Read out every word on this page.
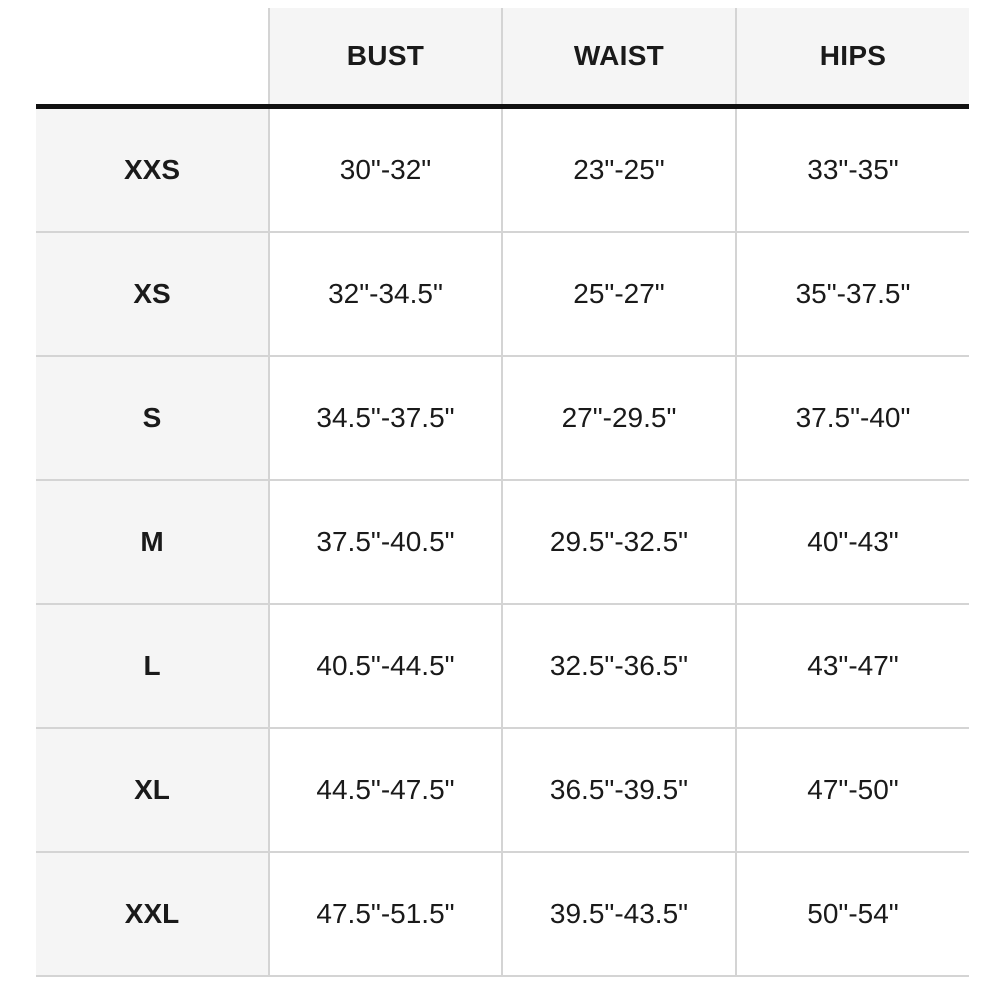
	BUST	WAIST	HIPS
XXS	30"-32"	23"-25"	33"-35"
XS	32"-34.5"	25"-27"	35"-37.5"
S	34.5"-37.5"	27"-29.5"	37.5"-40"
M	37.5"-40.5"	29.5"-32.5"	40"-43"
L	40.5"-44.5"	32.5"-36.5"	43"-47"
XL	44.5"-47.5"	36.5"-39.5"	47"-50"
XXL	47.5"-51.5"	39.5"-43.5"	50"-54"
